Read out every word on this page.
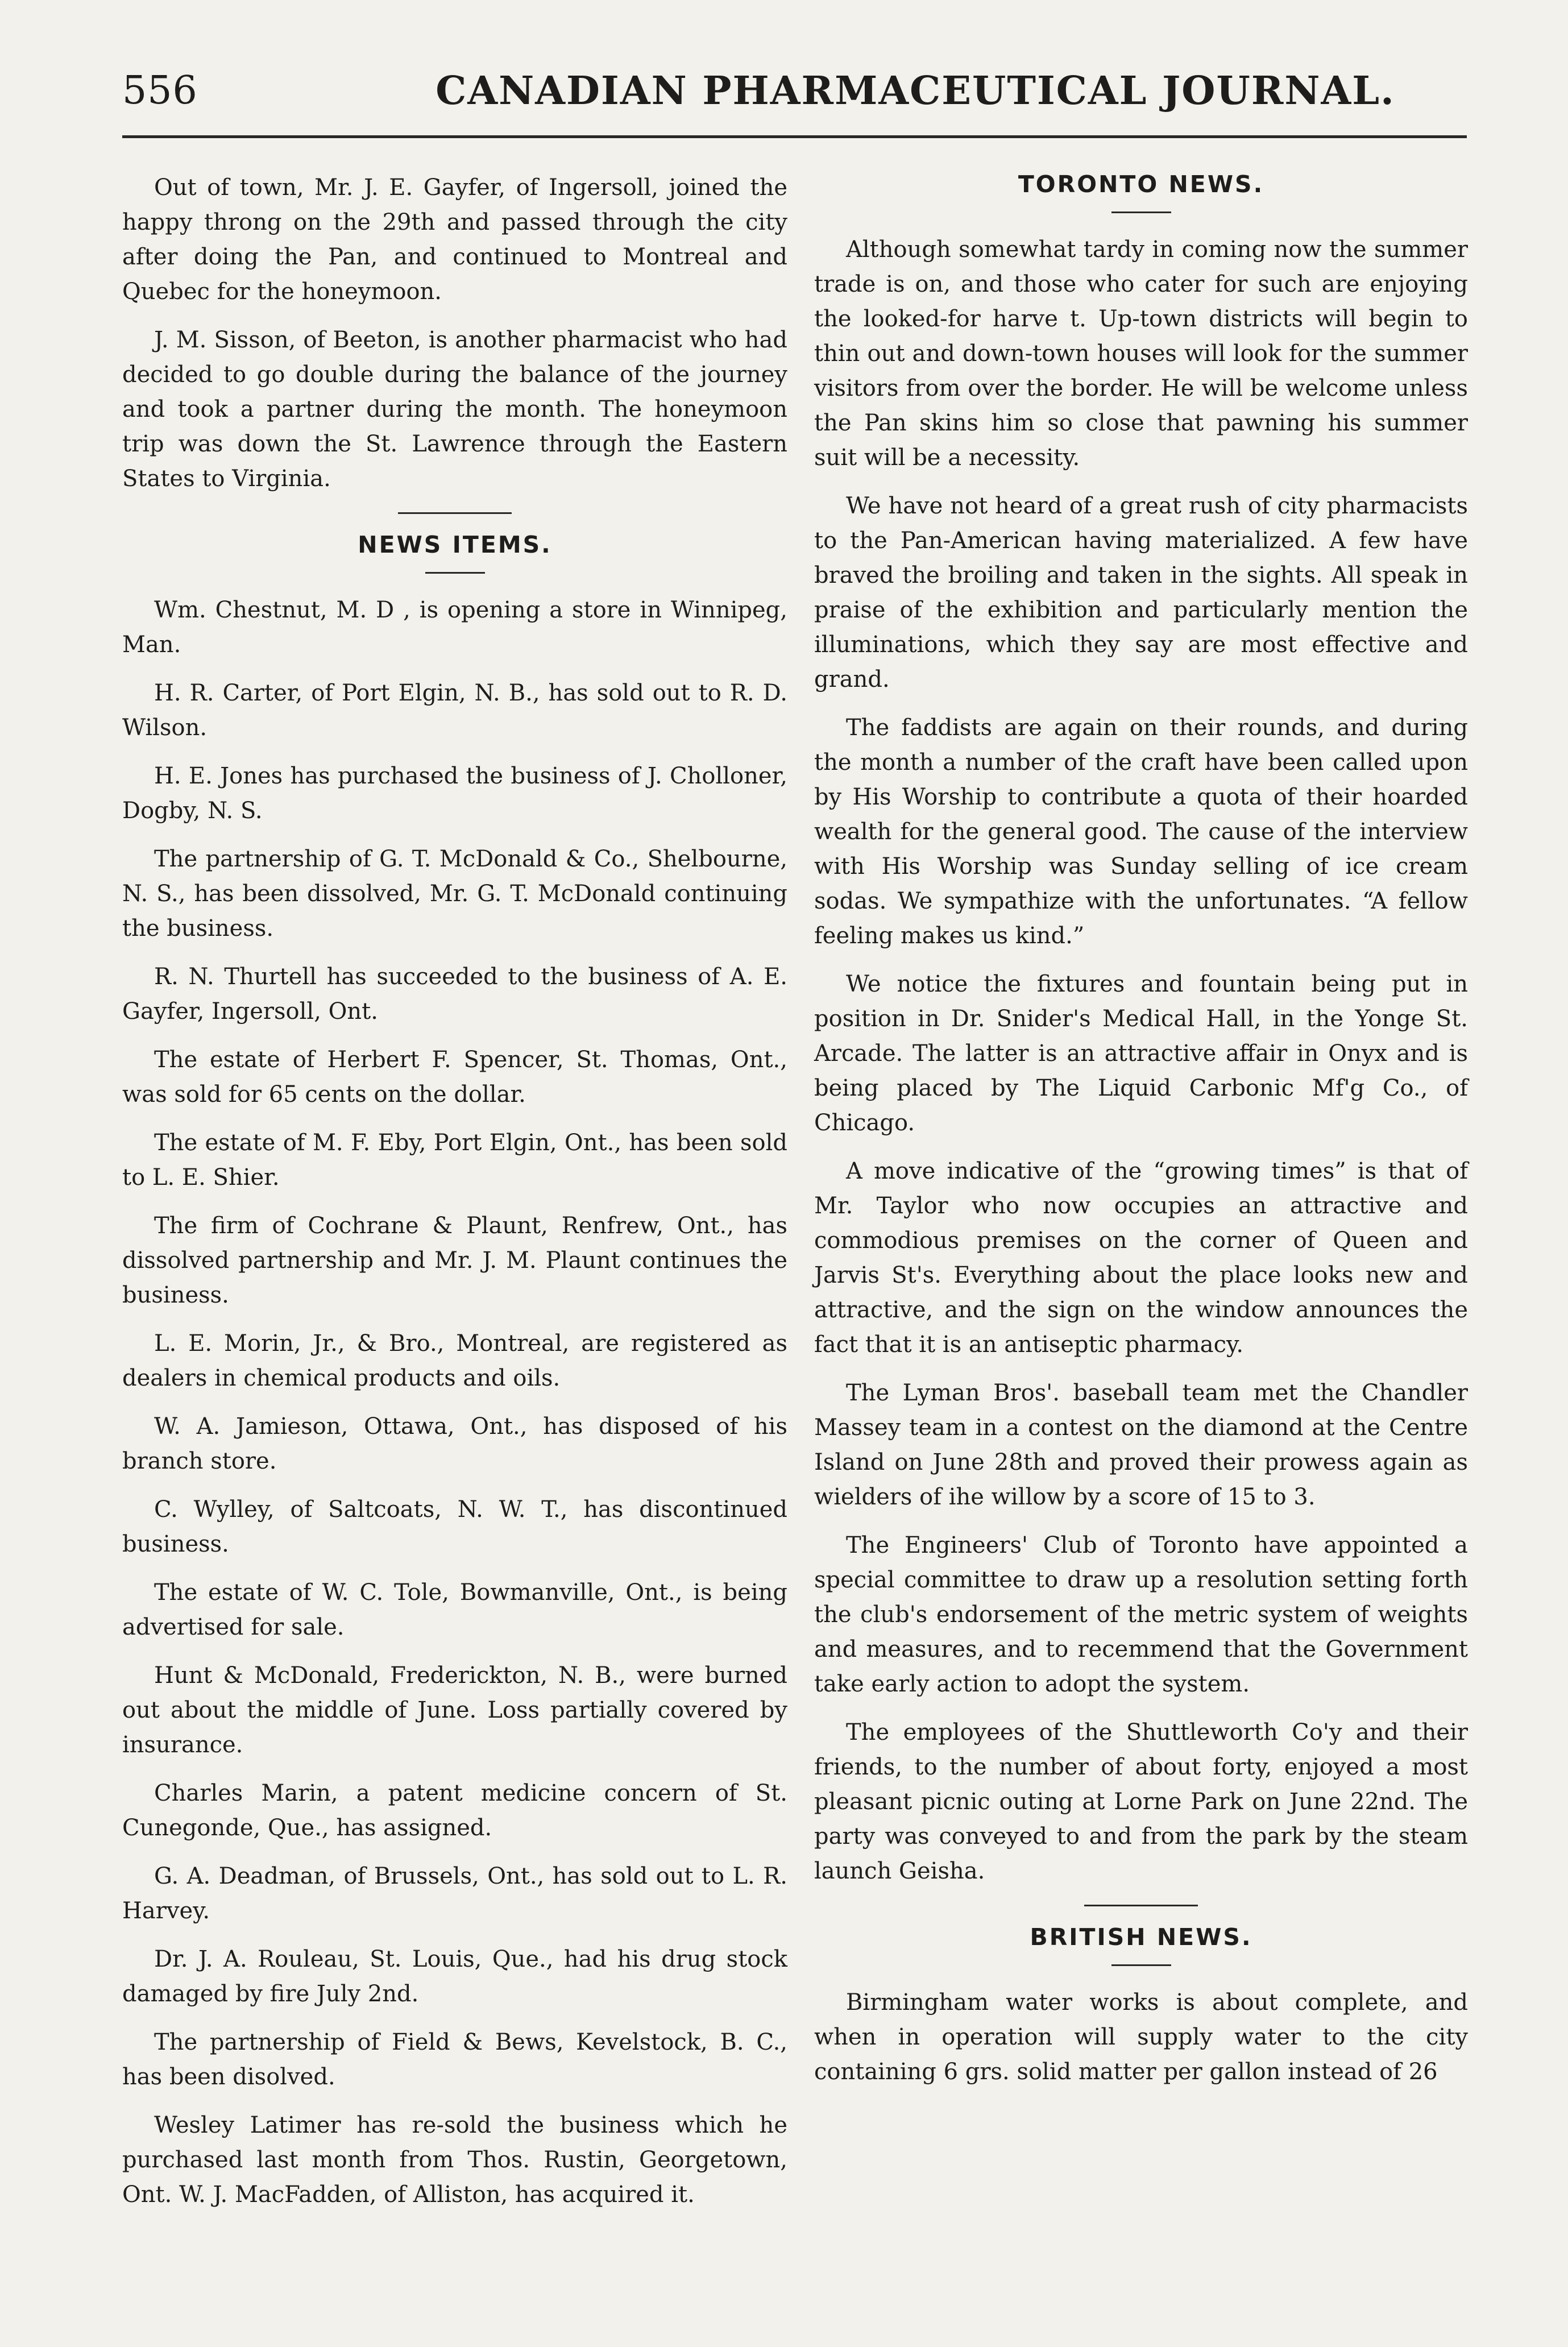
556	CANADIAN PHARMACEUTICAL JOURNAL.

Out of town, Mr. J. E. Gayfer, of Ingersoll, joined the happy throng on the 29th and passed through the city after doing the Pan, and continued to Montreal and Quebec for the honeymoon.

J. M. Sisson, of Beeton, is another pharmacist who had decided to go double during the balance of the journey and took a partner during the month. The honeymoon trip was down the St. Lawrence through the Eastern States to Virginia.

NEWS ITEMS.

Wm. Chestnut, M. D , is opening a store in Winnipeg, Man.

H. R. Carter, of Port Elgin, N. B., has sold out to R. D. Wilson.

H. E. Jones has purchased the business of J. Cholloner, Dogby, N. S.

The partnership of G. T. McDonald & Co., Shelbourne, N. S., has been dissolved, Mr. G. T. McDonald continuing the business.

R. N. Thurtell has succeeded to the business of A. E. Gayfer, Ingersoll, Ont.

The estate of Herbert F. Spencer, St. Thomas, Ont., was sold for 65 cents on the dollar.

The estate of M. F. Eby, Port Elgin, Ont., has been sold to L. E. Shier.

The firm of Cochrane & Plaunt, Renfrew, Ont., has dissolved partnership and Mr. J. M. Plaunt continues the business.

L. E. Morin, Jr., & Bro., Montreal, are registered as dealers in chemical products and oils.

W. A. Jamieson, Ottawa, Ont., has disposed of his branch store.

C. Wylley, of Saltcoats, N. W. T., has discontinued business.

The estate of W. C. Tole, Bowmanville, Ont., is being advertised for sale.

Hunt & McDonald, Frederickton, N. B., were burned out about the middle of June. Loss partially covered by insurance.

Charles Marin, a patent medicine concern of St. Cunegonde, Que., has assigned.

G. A. Deadman, of Brussels, Ont., has sold out to L. R. Harvey.

Dr. J. A. Rouleau, St. Louis, Que., had his drug stock damaged by fire July 2nd.

The partnership of Field & Bews, Kevelstock, B. C., has been disolved.

Wesley Latimer has re-sold the business which he purchased last month from Thos. Rustin, Georgetown, Ont. W. J. MacFadden, of Alliston, has acquired it.

TORONTO NEWS.

Although somewhat tardy in coming now the summer trade is on, and those who cater for such are enjoying the looked-for harve t. Up-town districts will begin to thin out and down-town houses will look for the summer visitors from over the border. He will be welcome unless the Pan skins him so close that pawning his summer suit will be a necessity.

We have not heard of a great rush of city pharmacists to the Pan-American having materialized. A few have braved the broiling and taken in the sights. All speak in praise of the exhibition and particularly mention the illuminations, which they say are most effective and grand.

The faddists are again on their rounds, and during the month a number of the craft have been called upon by His Worship to contribute a quota of their hoarded wealth for the general good. The cause of the interview with His Worship was Sunday selling of ice cream sodas. We sympathize with the unfortunates. “A fellow feeling makes us kind.”

We notice the fixtures and fountain being put in position in Dr. Snider's Medical Hall, in the Yonge St. Arcade. The latter is an attractive affair in Onyx and is being placed by The Liquid Carbonic Mf'g Co., of Chicago.

A move indicative of the “growing times” is that of Mr. Taylor who now occupies an attractive and commodious premises on the corner of Queen and Jarvis St's. Everything about the place looks new and attractive, and the sign on the window announces the fact that it is an antiseptic pharmacy.

The Lyman Bros'. baseball team met the Chandler Massey team in a contest on the diamond at the Centre Island on June 28th and proved their prowess again as wielders of ihe willow by a score of 15 to 3.

The Engineers' Club of Toronto have appointed a special committee to draw up a resolution setting forth the club's endorsement of the metric system of weights and measures, and to recemmend that the Government take early action to adopt the system.

The employees of the Shuttleworth Co'y and their friends, to the number of about forty, enjoyed a most pleasant picnic outing at Lorne Park on June 22nd. The party was conveyed to and from the park by the steam launch Geisha.

BRITISH NEWS.

Birmingham water works is about complete, and when in operation will supply water to the city containing 6 grs. solid matter per gallon instead of 26
